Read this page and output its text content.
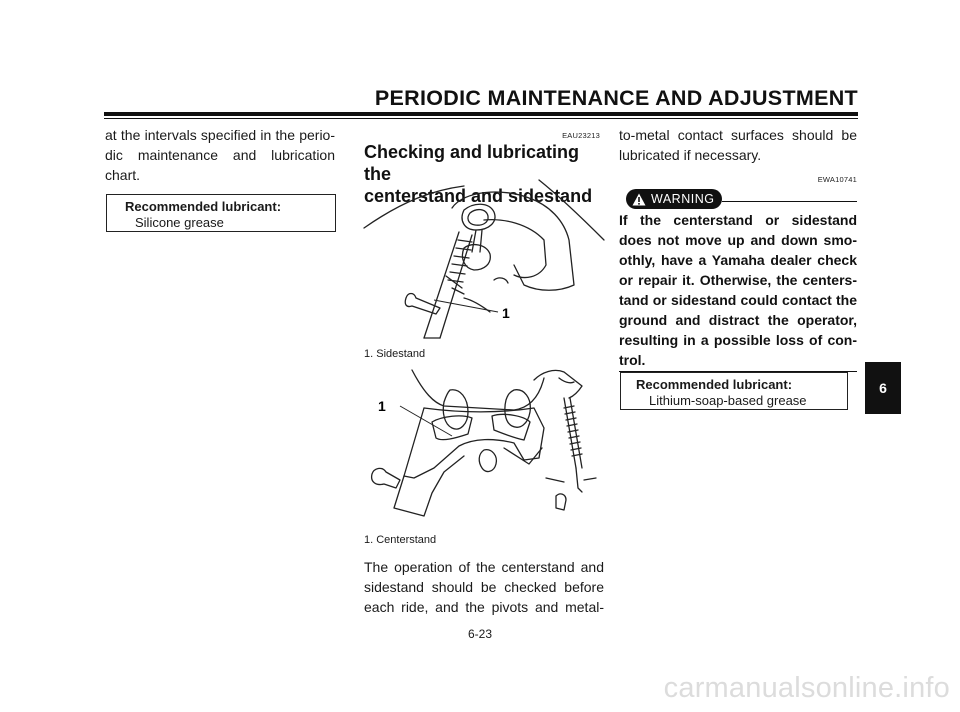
PERIODIC MAINTENANCE AND ADJUSTMENT
at the intervals specified in the perio-
dic maintenance and lubrication
chart.
Recommended lubricant:
Silicone grease
EAU23213
Checking and lubricating the
centerstand and sidestand
1
1. Sidestand
1
1. Centerstand
The operation of the centerstand and
sidestand should be checked before
each ride, and the pivots and metal-
to-metal contact surfaces should be
lubricated if necessary.
EWA10741
WARNING
If the centerstand or sidestand
does not move up and down smo-
othly, have a Yamaha dealer check
or repair it. Otherwise, the centers-
tand or sidestand could contact the
ground and distract the operator,
resulting in a possible loss of con-
trol.
Recommended lubricant:
Lithium-soap-based grease
6
6-23
carmanualsonline.info
